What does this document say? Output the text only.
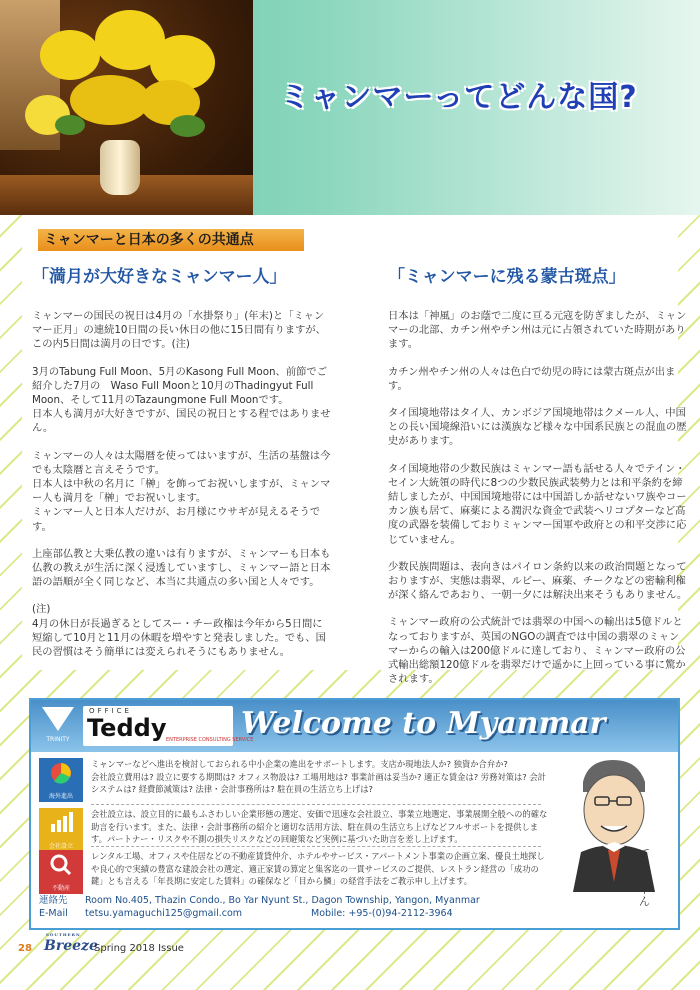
ミャンマーってどんな国?
ミャンマーと日本の多くの共通点
「満月が大好きなミャンマー人」

ミャンマーの国民の祝日は4月の「水掛祭り」(年末)と「ミャンマー正月」の連続10日間の長い休日の他に15日間有りますが、この内5日間は満月の日です。(注)

3月のTabung Full Moon、5月のKasong Full Moon、前節でご紹介した7月の　Waso Full Moonと10月のThadingyut Full Moon、そして11月のTazaungmone Full Moonです。
日本人も満月が大好きですが、国民の祝日とする程ではありません。

ミャンマーの人々は太陽暦を使ってはいますが、生活の基盤は今でも太陰暦と言えそうです。
日本人は中秋の名月に「榊」を飾ってお祝いしますが、ミャンマー人も満月を「榊」でお祝いします。
ミャンマー人と日本人だけが、お月様にウサギが見えるそうです。

上座部仏教と大乗仏教の違いは有りますが、ミャンマーも日本も仏教の教えが生活に深く浸透していますし、ミャンマー語と日本語の語順が全く同じなど、本当に共通点の多い国と人々です。

(注)
4月の休日が長過ぎるとしてスー・チー政権は今年から5日間に短縮して10月と11月の休暇を増やすと発表しました。でも、国民の習慣はそう簡単には変えられそうにもありません。

「ミャンマーに残る蒙古斑点」

日本は「神風」のお蔭で二度に亘る元寇を防ぎましたが、ミャンマーの北部、カチン州やチン州は元に占領されていた時期があります。

カチン州やチン州の人々は色白で幼児の時には蒙古斑点が出ます。

タイ国境地帯はタイ人、カンボジア国境地帯はクメール人、中国との長い国境線沿いには漢族など様々な中国系民族との混血の歴史があります。

タイ国境地帯の少数民族はミャンマー語も話せる人々でテイン・セイン大統領の時代に8つの少数民族武装勢力とは和平条約を締結しましたが、中国国境地帯には中国語しか話せないワ族やコーカン族も居て、麻薬による潤沢な資金で武装ヘリコプターなど高度の武器を装備しておりミャンマー国軍や政府との和平交渉に応じていません。

少数民族問題は、表向きはパイロン条約以来の政治問題となっておりますが、実態は翡翠、ルビー、麻薬、チークなどの密輸利権が深く絡んであおり、一朝一夕には解決出来そうもありません。

ミャンマー政府の公式統計では翡翠の中国への輸出は5億ドルとなっておりますが、英国のNGOの調査では中国の翡翠のミャンマーからの輸入は200億ドルに達しており、ミャンマー政府の公式輸出総額120億ドルを翡翠だけで遥かに上回っている事に驚かされます。

TRINITY
OFFICE
Teddy ENTERPRISE CONSULTING SERVICE
Welcome to Myanmar
海外進出
ミャンマーなどへ進出を検討しておられる中小企業の進出をサポートします。支店か現地法人か? 独資か合弁か?
会社設立費用は? 設立に要する期間は? オフィス物設は? 工場用地は? 事業計画は妥当か? 適正な賃金は? 労務対策は? 会計システムは? 経費節減策は? 法律・会計事務所は? 駐在員の生活立ち上げは?
会社設立
会社設立は、設立目的に最もふさわしい企業形態の選定、安価で迅速な会社設立、事業立地選定、事業展開全般への的確な助言を行います。また、法律・会計事務所の紹介と適切な活用方法、駐在員の生活立ち上げなどフルサポートを提供します。パートナー・リスクや不測の損失リスクなどの回避策など実例に基づいた助言を差し上げます。
不動産
レンタル工場、オフィスや住居などの不動産賃貸仲介、ホテルやサービス・アパートメント事業の企画立案、優良土地探しや良心的で実績の豊富な建設会社の選定、適正家賃の算定と集客迄の一貫サービスのご提供、レストラン経営の「成功の鍵」とも言える「年長期に安定した賃料」の確保など「目から鱗」の経営手法をご教示申し上げます。
連絡先 Room No.405, Thazin Condo., Bo Yar Nyunt St., Dagon Township, Yangon, Myanmar
E-Mail tetsu.yamaguchi125@gmail.com	Mobile: +95-(0)94-2112-3964
てっちゃん
28
SOUTHERN
Breeze
Spring 2018 Issue
